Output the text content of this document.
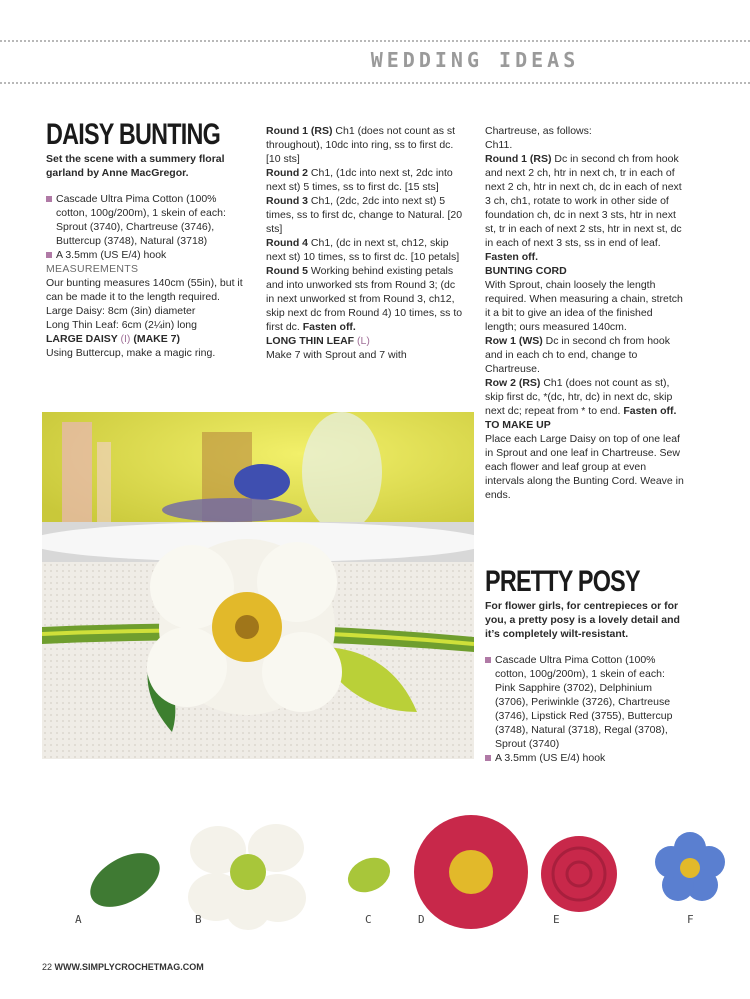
WEDDING IDEAS

DAISY BUNTING

Set the scene with a summery floral garland by Anne MacGregor.

Cascade Ultra Pima Cotton (100% cotton, 100g/200m), 1 skein of each: Sprout (3740), Chartreuse (3746), Buttercup (3748), Natural (3718)

A 3.5mm (US E/4) hook

MEASUREMENTS

Our bunting measures 140cm (55in), but it can be made it to the length required.

Large Daisy: 8cm (3in) diameter

Long Thin Leaf: 6cm (2¼in) long

LARGE DAISY (I) (MAKE 7)

Using Buttercup, make a magic ring.

Round 1 (RS) Ch1 (does not count as st throughout), 10dc into ring, ss to first dc. [10 sts]

Round 2 Ch1, (1dc into next st, 2dc into next st) 5 times, ss to first dc. [15 sts]

Round 3 Ch1, (2dc, 2dc into next st) 5 times, ss to first dc, change to Natural. [20 sts]

Round 4 Ch1, (dc in next st, ch12, skip next st) 10 times, ss to first dc. [10 petals]

Round 5 Working behind existing petals and into unworked sts from Round 3; (dc in next unworked st from Round 3, ch12, skip next dc from Round 4) 10 times, ss to first dc. Fasten off.

LONG THIN LEAF (L)

Make 7 with Sprout and 7 with

Chartreuse, as follows:

Ch11.

Round 1 (RS) Dc in second ch from hook and next 2 ch, htr in next ch, tr in each of next 2 ch, htr in next ch, dc in each of next 3 ch, ch1, rotate to work in other side of foundation ch, dc in next 3 sts, htr in next st, tr in each of next 2 sts, htr in next st, dc in each of next 3 sts, ss in end of leaf. Fasten off.

BUNTING CORD

With Sprout, chain loosely the length required. When measuring a chain, stretch it a bit to give an idea of the finished length; ours measured 140cm.

Row 1 (WS) Dc in second ch from hook and in each ch to end, change to Chartreuse.

Row 2 (RS) Ch1 (does not count as st), skip first dc, *(dc, htr, dc) in next dc, skip next dc; repeat from * to end. Fasten off.

TO MAKE UP

Place each Large Daisy on top of one leaf in Sprout and one leaf in Chartreuse. Sew each flower and leaf group at even intervals along the Bunting Cord. Weave in ends.

PRETTY POSY

For flower girls, for centrepieces or for you, a pretty posy is a lovely detail and it’s completely wilt-resistant.

Cascade Ultra Pima Cotton (100% cotton, 100g/200m), 1 skein of each: Pink Sapphire (3702), Delphinium (3706), Periwinkle (3726), Chartreuse (3746), Lipstick Red (3755), Buttercup (3748), Natural (3718), Regal (3708), Sprout (3740)

A 3.5mm (US E/4) hook

A	B	C	D	E	F
22 WWW.SIMPLYCROCHETMAG.COM
